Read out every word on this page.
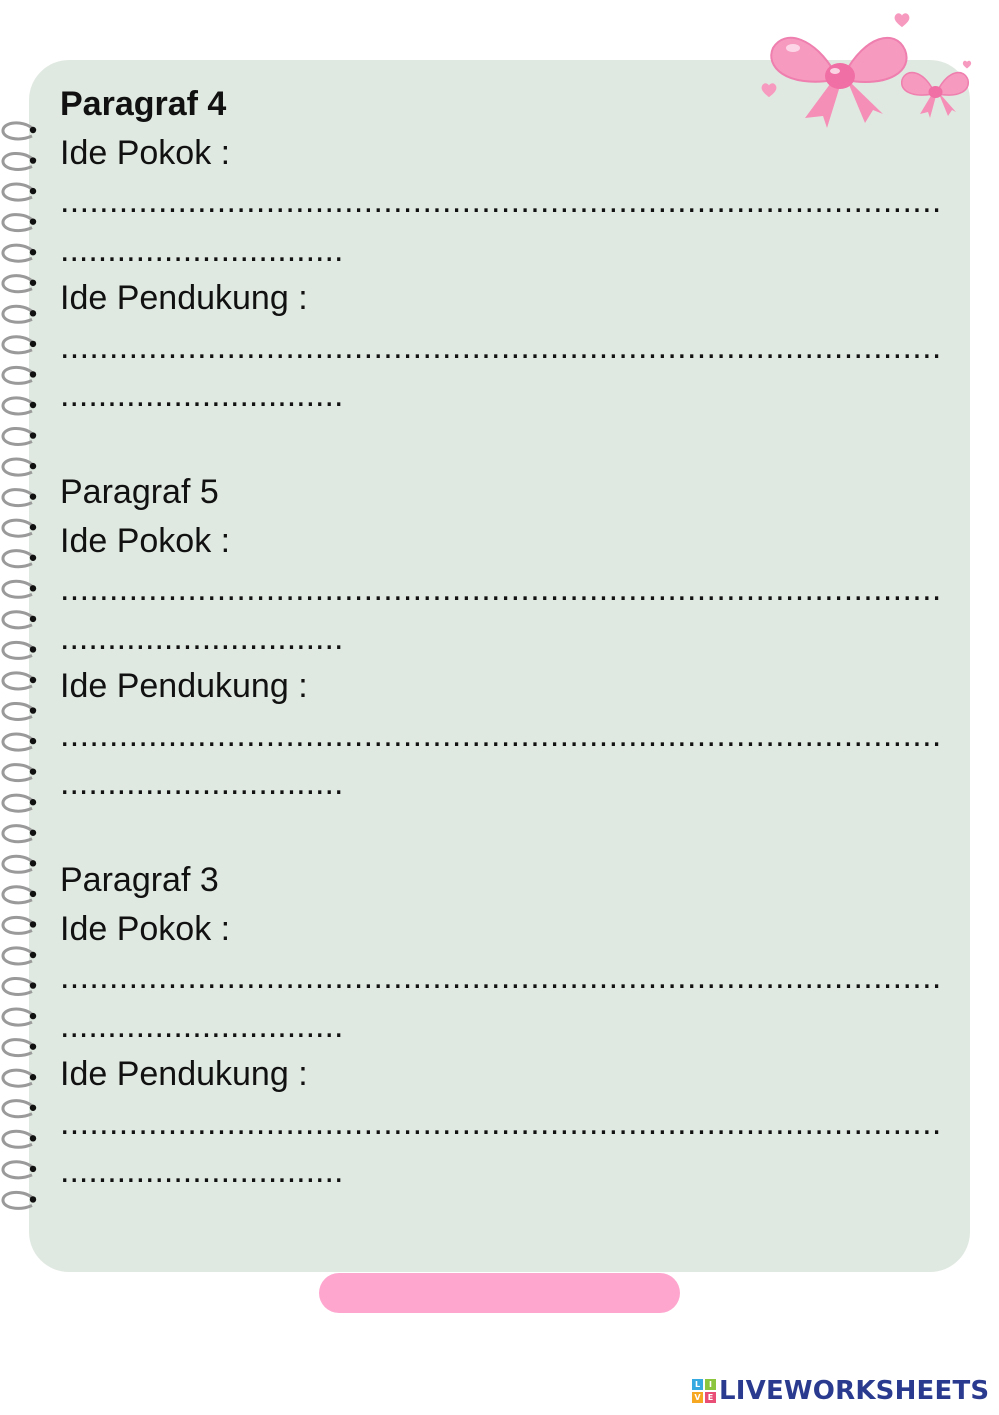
Paragraf 4
Ide Pokok :
..........................................................................................
..............................
Ide Pendukung :
..........................................................................................
..............................
Paragraf 5
Ide Pokok :
..........................................................................................
..............................
Ide Pendukung :
..........................................................................................
..............................
Paragraf 3
Ide Pokok :
..........................................................................................
..............................
Ide Pendukung :
..........................................................................................
..............................
L	I
V E LIVEWORKSHEETS
